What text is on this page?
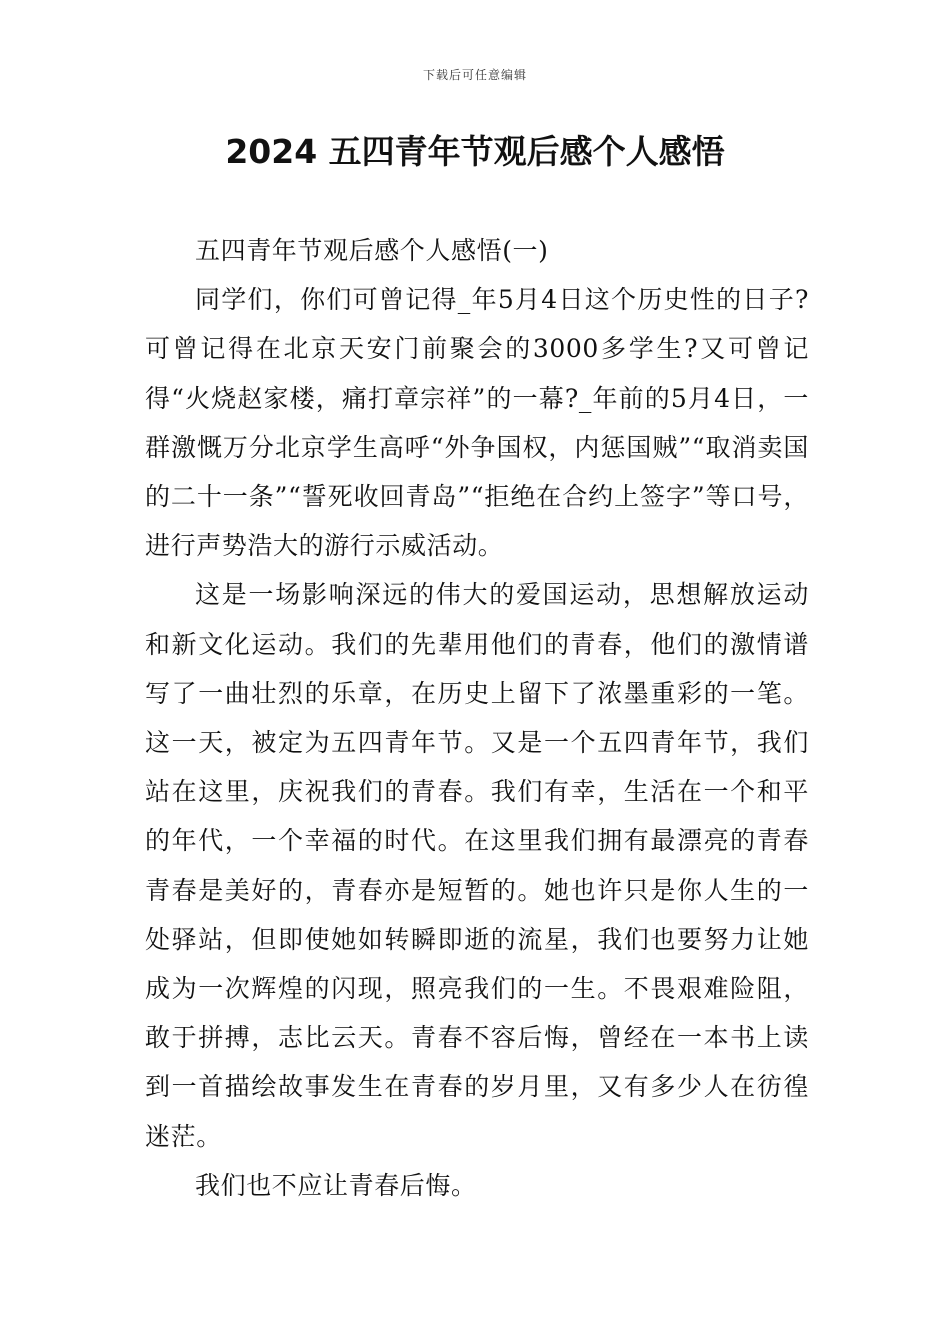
下载后可任意编辑
2024 五四青年节观后感个人感悟

五四青年节观后感个人感悟(一)

同学们，你们可曾记得_年5月4日这个历史性的日子?可曾记得在北京天安门前聚会的3000多学生?又可曾记得“火烧赵家楼，痛打章宗祥”的一幕?_年前的5月4日，一群激慨万分北京学生高呼“外争国权，内惩国贼”“取消卖国的二十一条”“誓死收回青岛”“拒绝在合约上签字”等口号，进行声势浩大的游行示威活动。

这是一场影响深远的伟大的爱国运动，思想解放运动和新文化运动。我们的先辈用他们的青春，他们的激情谱写了一曲壮烈的乐章，在历史上留下了浓墨重彩的一笔。这一天，被定为五四青年节。又是一个五四青年节，我们站在这里，庆祝我们的青春。我们有幸，生活在一个和平的年代，一个幸福的时代。在这里我们拥有最漂亮的青春青春是美好的，青春亦是短暂的。她也许只是你人生的一处驿站，但即使她如转瞬即逝的流星，我们也要努力让她成为一次辉煌的闪现，照亮我们的一生。不畏艰难险阻，敢于拼搏，志比云天。青春不容后悔，曾经在一本书上读到一首描绘故事发生在青春的岁月里，又有多少人在彷徨迷茫。

我们也不应让青春后悔。
